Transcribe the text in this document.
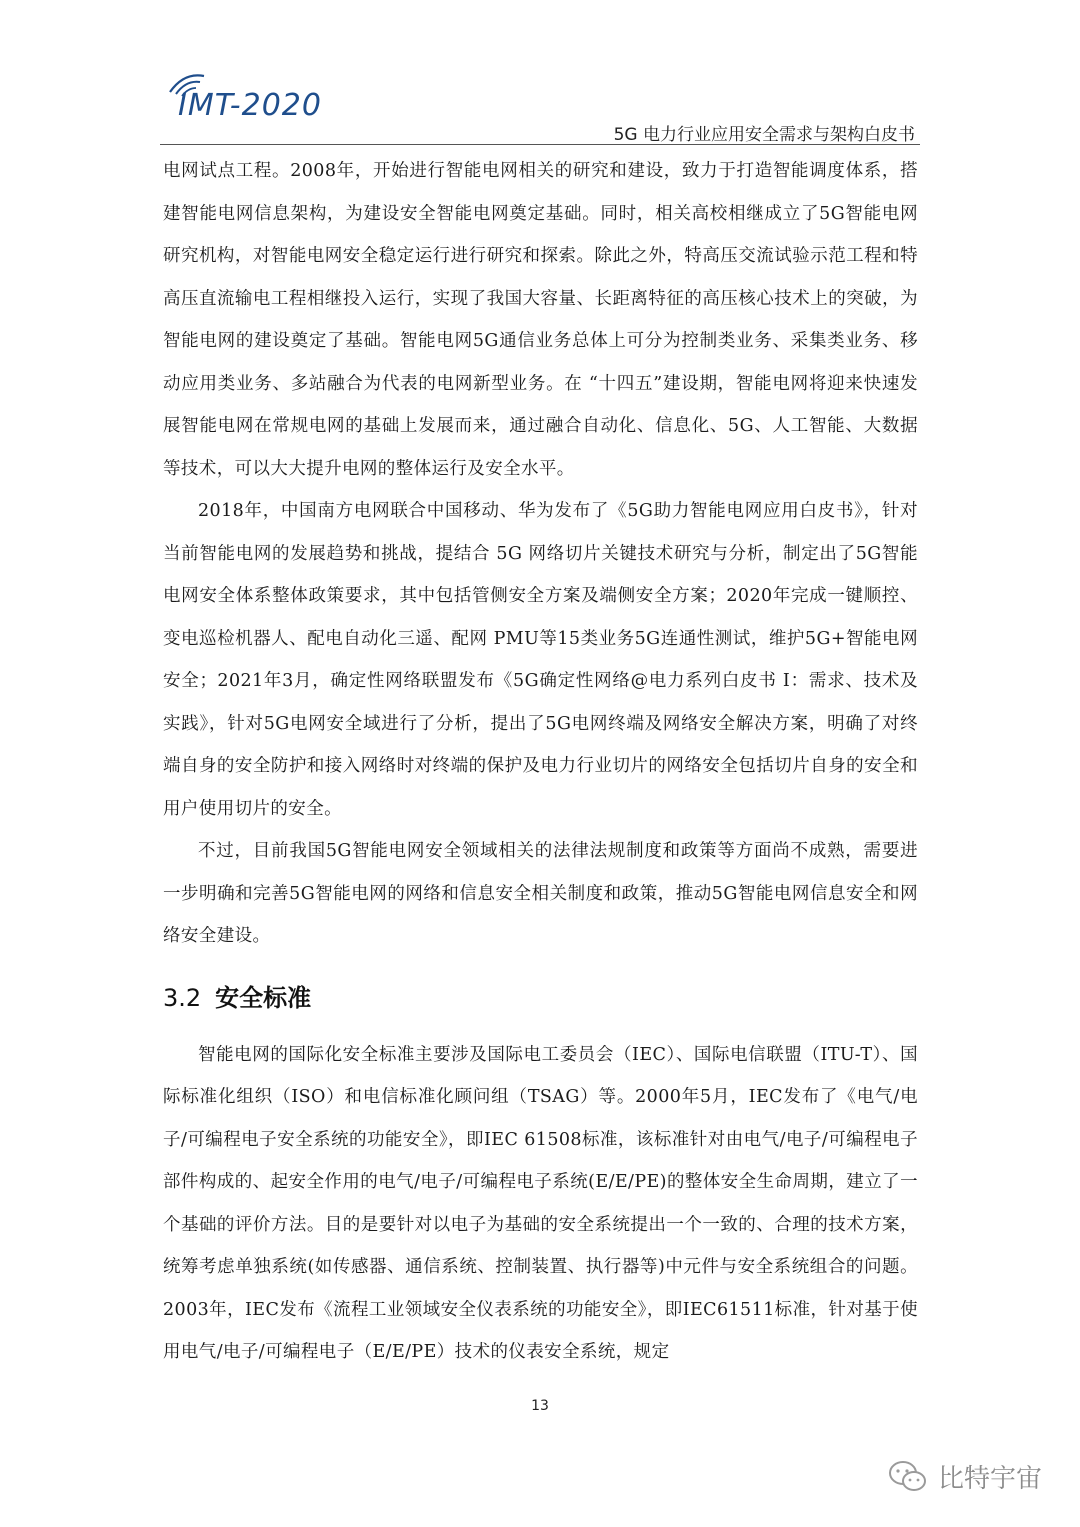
IMT-2020
5G 电力行业应用安全需求与架构白皮书

电网试点工程。2008年，开始进行智能电网相关的研究和建设，致力于打造智能调度体系，搭建智能电网信息架构，为建设安全智能电网奠定基础。同时，相关高校相继成立了5G智能电网研究机构，对智能电网安全稳定运行进行研究和探索。除此之外，特高压交流试验示范工程和特高压直流输电工程相继投入运行，实现了我国大容量、长距离特征的高压核心技术上的突破，为智能电网的建设奠定了基础。智能电网5G通信业务总体上可分为控制类业务、采集类业务、移动应用类业务、多站融合为代表的电网新型业务。在 “十四五”建设期，智能电网将迎来快速发展智能电网在常规电网的基础上发展而来，通过融合自动化、信息化、5G、人工智能、大数据等技术，可以大大提升电网的整体运行及安全水平。

2018年，中国南方电网联合中国移动、华为发布了《5G助力智能电网应用白皮书》，针对当前智能电网的发展趋势和挑战，提结合 5G 网络切片关键技术研究与分析，制定出了5G智能电网安全体系整体政策要求，其中包括管侧安全方案及端侧安全方案；2020年完成一键顺控、变电巡检机器人、配电自动化三遥、配网 PMU等15类业务5G连通性测试，维护5G+智能电网安全；2021年3月，确定性网络联盟发布《5G确定性网络@电力系列白皮书 I：需求、技术及实践》，针对5G电网安全域进行了分析，提出了5G电网终端及网络安全解决方案，明确了对终端自身的安全防护和接入网络时对终端的保护及电力行业切片的网络安全包括切片自身的安全和用户使用切片的安全。

不过，目前我国5G智能电网安全领域相关的法律法规制度和政策等方面尚不成熟，需要进一步明确和完善5G智能电网的网络和信息安全相关制度和政策，推动5G智能电网信息安全和网络安全建设。

3.2 安全标准

智能电网的国际化安全标准主要涉及国际电工委员会（IEC）、国际电信联盟（ITU-T）、国际标准化组织（ISO）和电信标准化顾问组（TSAG）等。2000年5月，IEC发布了《电气/电子/可编程电子安全系统的功能安全》，即IEC 61508标准，该标准针对由电气/电子/可编程电子部件构成的、起安全作用的电气/电子/可编程电子系统(E/E/PE)的整体安全生命周期，建立了一个基础的评价方法。目的是要针对以电子为基础的安全系统提出一个一致的、合理的技术方案，统筹考虑单独系统(如传感器、通信系统、控制装置、执行器等)中元件与安全系统组合的问题。2003年，IEC发布《流程工业领域安全仪表系统的功能安全》，即IEC61511标准，针对基于使用电气/电子/可编程电子（E/E/PE）技术的仪表安全系统，规定

13
比特宇宙
